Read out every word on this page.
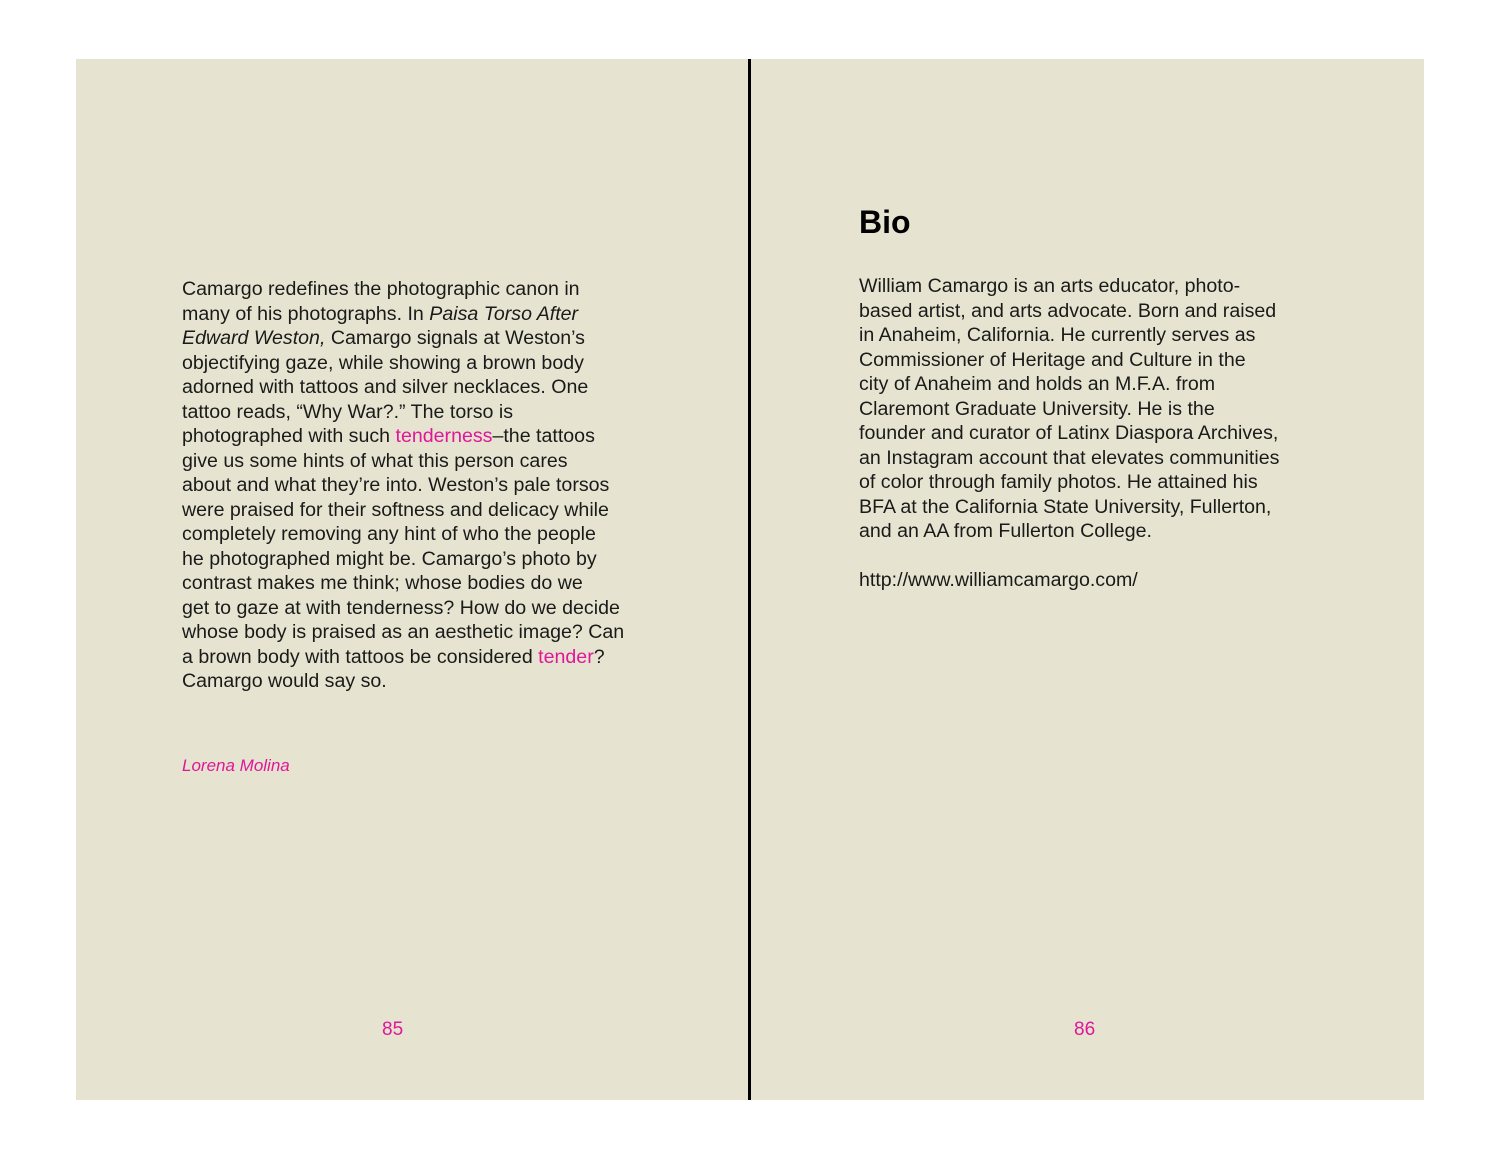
Camargo redefines the photographic canon in
many of his photographs. In Paisa Torso After
Edward Weston, Camargo signals at Weston’s
objectifying gaze, while showing a brown body
adorned with tattoos and silver necklaces. One
tattoo reads, “Why War?.” The torso is
photographed with such tenderness–the tattoos
give us some hints of what this person cares
about and what they’re into. Weston’s pale torsos
were praised for their softness and delicacy while
completely removing any hint of who the people
he photographed might be. Camargo’s photo by
contrast makes me think; whose bodies do we
get to gaze at with tenderness? How do we decide
whose body is praised as an aesthetic image? Can
a brown body with tattoos be considered tender?
Camargo would say so.

Lorena Molina

85

Bio

William Camargo is an arts educator, photo-
based artist, and arts advocate. Born and raised
in Anaheim, California. He currently serves as
Commissioner of Heritage and Culture in the
city of Anaheim and holds an M.F.A. from
Claremont Graduate University. He is the
founder and curator of Latinx Diaspora Archives,
an Instagram account that elevates communities
of color through family photos. He attained his
BFA at the California State University, Fullerton,
and an AA from Fullerton College.

http://www.williamcamargo.com/

86
